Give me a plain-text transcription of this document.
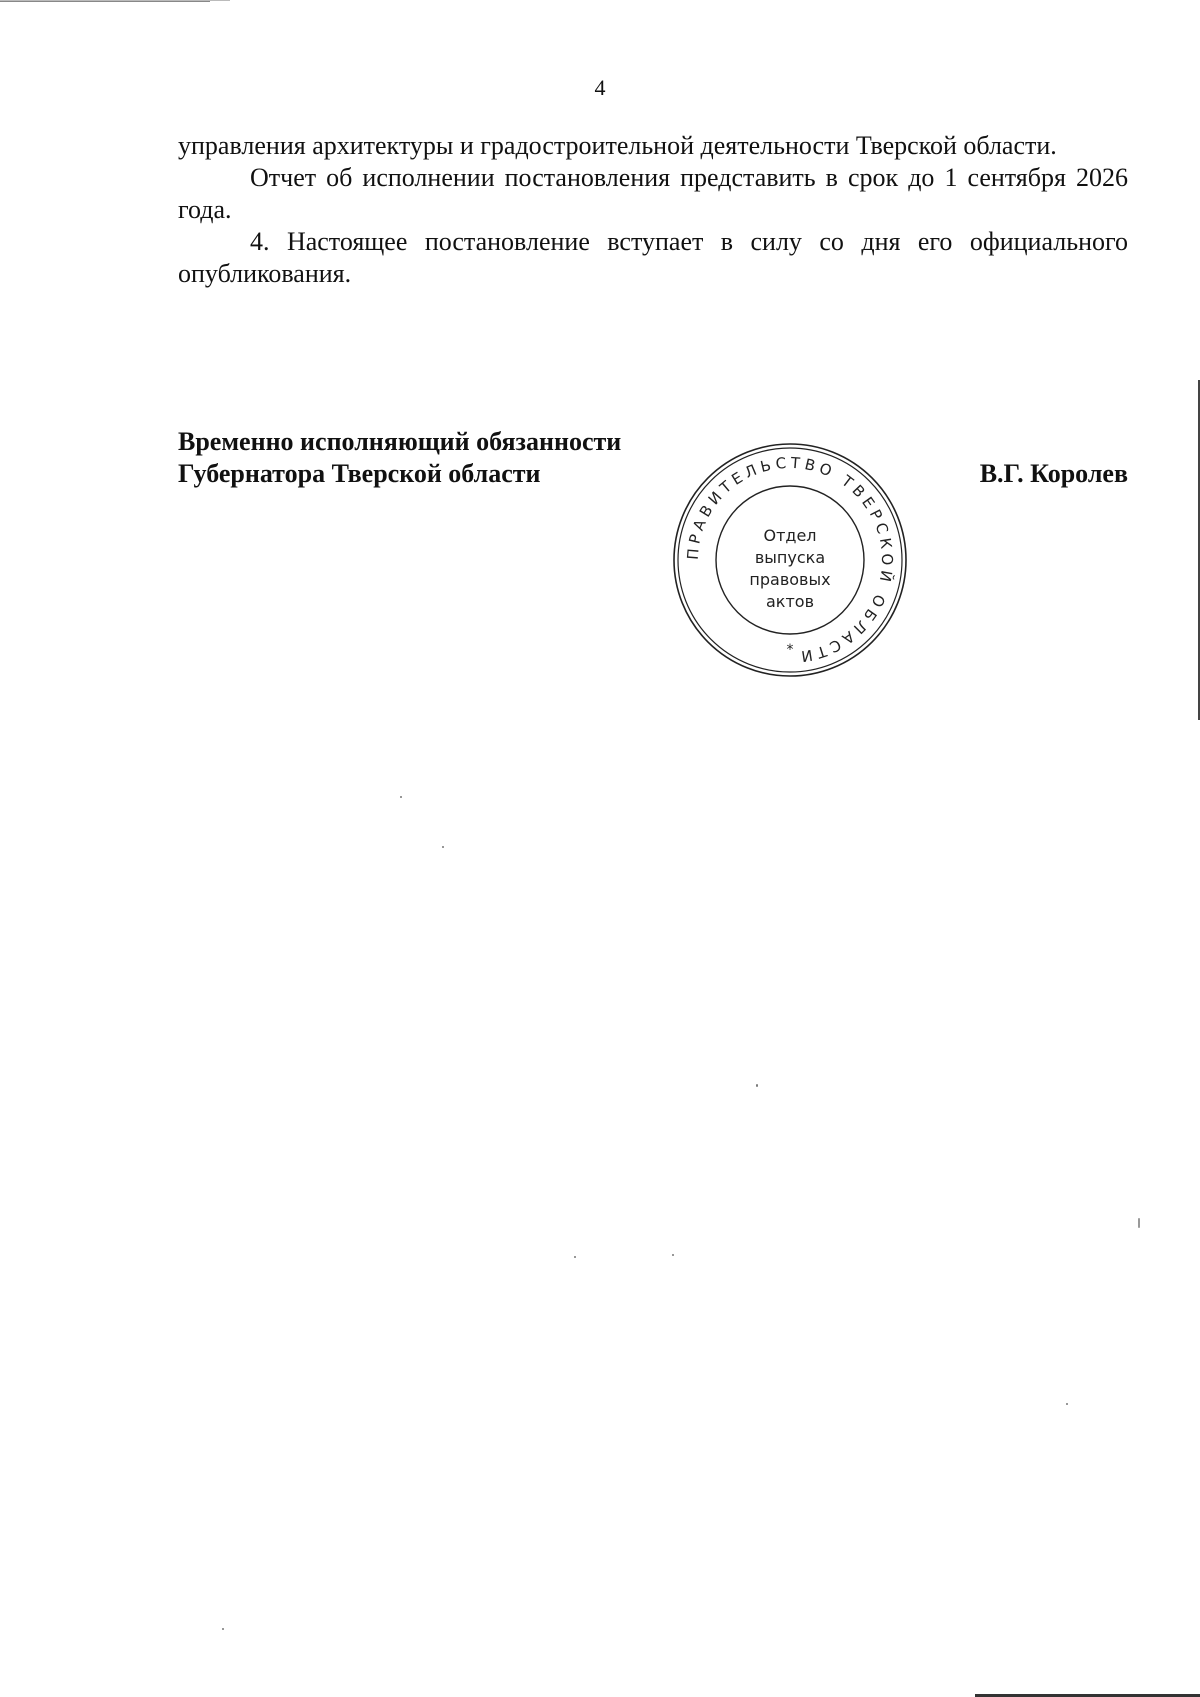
4

управления архитектуры и градостроительной деятельности Тверской области.

Отчет об исполнении постановления представить в срок до 1 сентября 2026 года.

4. Настоящее постановление вступает в силу со дня его официального опубликования.

Временно исполняющий обязанности
Губернатора Тверской области	В.Г. Королев
ПРАВИТЕЛЬСТВО ТВЕРСКОЙ ОБЛАСТИ
Отдел
выпуска
правовых
актов
*
